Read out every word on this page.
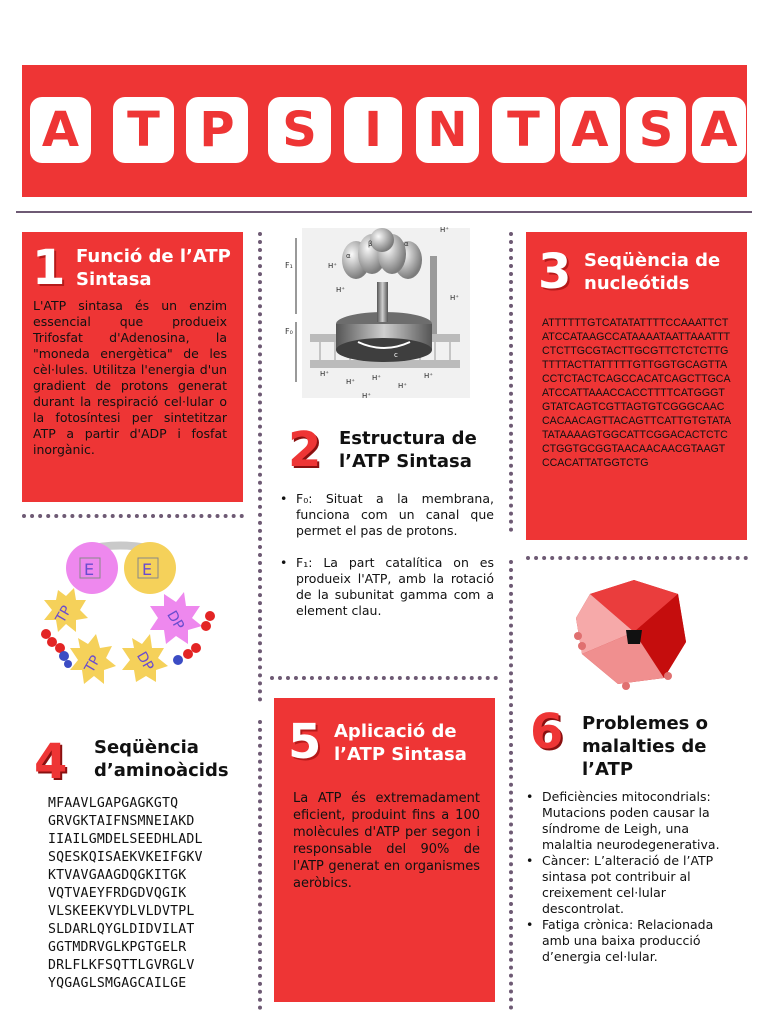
A T P S I N T A S A
1 Funció de l’ATP Sintasa
L'ATP sintasa és un enzim essencial que produeix Trifosfat d'Adenosina, la "moneda energètica" de les cèl·lules. Utilitza l'energia d'un gradient de protons generat durant la respiració cel·lular o la fotosíntesi per sintetitzar ATP a partir d'ADP i fosfat inorgànic.
F₁
F₀
c
α
β	α
H⁺
H⁺
H⁺
H⁺
H⁺
H⁺ H⁺
H⁺
H⁺
H⁺
2 Estructura de l’ATP Sintasa
• F₀: Situat a la membrana, funciona com un canal que permet el pas de protons.
• F₁: La part catalítica on es produeix l'ATP, amb la rotació de la subunitat gamma com a element clau.
3 Seqüència de nucleótids
ATTTTTTGTCATATATTTTCCAAATTCTATCCATAAGCCATAAAATAATTAAATTTCTCTTGCGTACTTGCGTTCTCTCTTGTTTTACTTATTTTTGTTGGTGCAGTTACCTCTACTCAGCCACATCAGCTTGCAATCCATTAAACCACCTTTTCATGGGTGTATCAGTCGTTAGTGTCGGGCAACCACAACAGTTACAGTTCATTGTGTATATATAAAAGTGGCATTCGGACACTCTCCTGGTGCGGTAACAACAACGTAAGTCCACATTATGGTCTG
E	E
TP
TP
DP
DP
4 Seqüència d’aminoàcids
MFAAVLGAPGAGKGTQ
GRVGKTAIFNSMNEIAKD
IIAILGMDELSEEDHLADL
SQESKQISAEKVKEIFGKV
KTVAVGAAGDQGKITGK
VQTVAEYFRDGDVQGIK
VLSKEEKVYDLVLDVTPL
SLDARLQYGLDIDVILAT
GGTMDRVGLKPGTGELR
DRLFLKFSQTTLGVRGLV
YQGAGLSMGAGCAILGE
5 Aplicació de l’ATP Sintasa
La ATP és extremadament eficient, produint fins a 100 molècules d'ATP per segon i responsable del 90% de l'ATP generat en organismes aeròbics.
6 Problemes o malalties de l’ATP
• Deficiències mitocondrials: Mutacions poden causar la síndrome de Leigh, una malaltia neurodegenerativa.
• Càncer: L’alteració de l’ATP sintasa pot contribuir al creixement cel·lular descontrolat.
• Fatiga crònica: Relacionada amb una baixa producció d’energia cel·lular.
